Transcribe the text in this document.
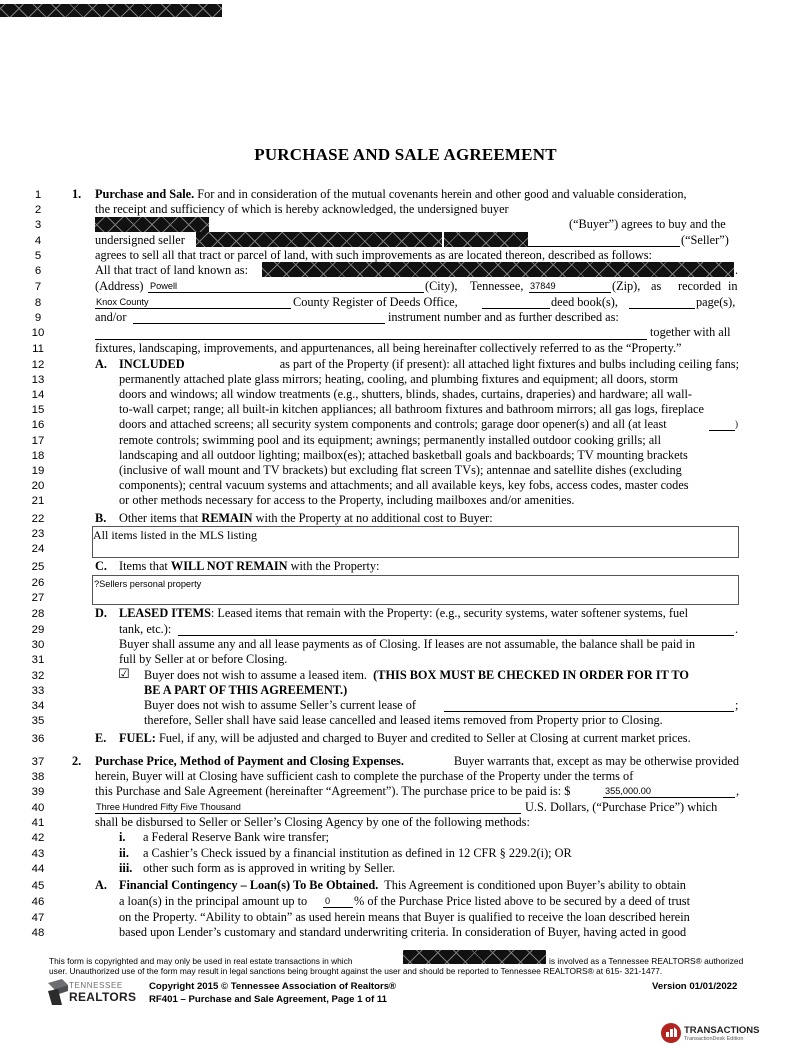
PURCHASE AND SALE AGREEMENT
1
2
3
4
5
6
7
8
9
10
11
12
13
14
15
16
17
18
19
20
21
22
23
24
25
26
27
28
29
30
31
32
33
34
35
36
37
38
39
40
41
42
43
44
45
46
47
48
1. Purchase and Sale. For and in consideration of the mutual covenants herein and other good and valuable consideration,
the receipt and sufficiency of which is hereby acknowledged, the undersigned buyer
(“Buyer”) agrees to buy and the
undersigned seller	(“Seller”)
agrees to sell all that tract or parcel of land, with such improvements as are located thereon, described as follows:
All that tract of land known as:	.
(Address) Powell	(City), Tennessee, 37849	(Zip), as recorded in
Knox County	County Register of Deeds Office,	deed book(s),	page(s),
and/or	instrument number and as further described as:
together with all
fixtures, landscaping, improvements, and appurtenances, all being hereinafter collectively referred to as the “Property.”
A. INCLUDED	as part of the Property (if present): all attached light fixtures and bulbs including ceiling fans;
permanently attached plate glass mirrors; heating, cooling, and plumbing fixtures and equipment; all doors, storm
doors and windows; all window treatments (e.g., shutters, blinds, shades, curtains, draperies) and hardware; all wall-
to-wall carpet; range; all built-in kitchen appliances; all bathroom fixtures and bathroom mirrors; all gas logs, fireplace
doors and attached screens; all security system components and controls; garage door opener(s) and all (at least	)
remote controls; swimming pool and its equipment; awnings; permanently installed outdoor cooking grills; all
landscaping and all outdoor lighting; mailbox(es); attached basketball goals and backboards; TV mounting brackets
(inclusive of wall mount and TV brackets) but excluding flat screen TVs); antennae and satellite dishes (excluding
components); central vacuum systems and attachments; and all available keys, key fobs, access codes, master codes
or other methods necessary for access to the Property, including mailboxes and/or amenities.
B. Other items that REMAIN with the Property at no additional cost to Buyer:
All items listed in the MLS listing
C. Items that WILL NOT REMAIN with the Property:
?Sellers personal property
D. LEASED ITEMS: Leased items that remain with the Property: (e.g., security systems, water softener systems, fuel
tank, etc.):	.
Buyer shall assume any and all lease payments as of Closing. If leases are not assumable, the balance shall be paid in
full by Seller at or before Closing.
☑ Buyer does not wish to assume a leased item. (THIS BOX MUST BE CHECKED IN ORDER FOR IT TO
BE A PART OF THIS AGREEMENT.)
Buyer does not wish to assume Seller’s current lease of	;
therefore, Seller shall have said lease cancelled and leased items removed from Property prior to Closing.
E. FUEL: Fuel, if any, will be adjusted and charged to Buyer and credited to Seller at Closing at current market prices.
2. Purchase Price, Method of Payment and Closing Expenses.	Buyer warrants that, except as may be otherwise provided
herein, Buyer will at Closing have sufficient cash to complete the purchase of the Property under the terms of
this Purchase and Sale Agreement (hereinafter “Agreement”). The purchase price to be paid is: $	355,000.00	,
Three Hundred Fifty Five Thousand	U.S. Dollars, (“Purchase Price”) which
shall be disbursed to Seller or Seller’s Closing Agency by one of the following methods:
i. a Federal Reserve Bank wire transfer;
ii. a Cashier’s Check issued by a financial institution as defined in 12 CFR § 229.2(i); OR
iii. other such form as is approved in writing by Seller.
A. Financial Contingency – Loan(s) To Be Obtained. This Agreement is conditioned upon Buyer’s ability to obtain
a loan(s) in the principal amount up to 0 % of the Purchase Price listed above to be secured by a deed of trust
on the Property. “Ability to obtain” as used herein means that Buyer is qualified to receive the loan described herein
based upon Lender’s customary and standard underwriting criteria. In consideration of Buyer, having acted in good
This form is copyrighted and may only be used in real estate transactions in which	is involved as a Tennessee REALTORS® authorized
user. Unauthorized use of the form may result in legal sanctions being brought against the user and should be reported to Tennessee REALTORS® at 615- 321-1477.
TENNESSEE
REALTORS
Copyright 2015 © Tennessee Association of Realtors®
RF401 – Purchase and Sale Agreement, Page 1 of 11
Version 01/01/2022
TRANSACTIONS
TransactionDesk Edition
